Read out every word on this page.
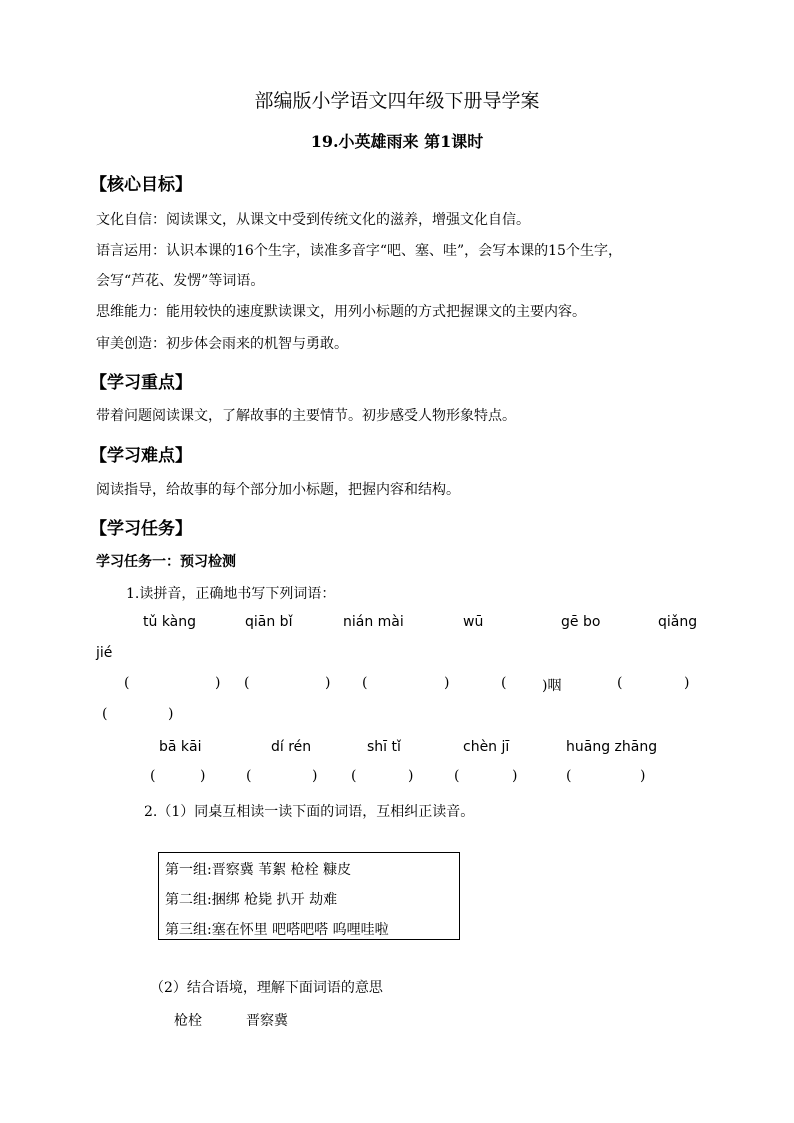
部编版小学语文四年级下册导学案
19.小英雄雨来 第1课时
【核心目标】
文化自信：阅读课文，从课文中受到传统文化的滋养，增强文化自信。
语言运用：认识本课的16个生字，读准多音字“吧、塞、哇”，会写本课的15个生字，
会写“芦花、发愣”等词语。
思维能力：能用较快的速度默读课文，用列小标题的方式把握课文的主要内容。
审美创造：初步体会雨来的机智与勇敢。
【学习重点】
带着问题阅读课文，了解故事的主要情节。初步感受人物形象特点。
【学习难点】
阅读指导，给故事的每个部分加小标题，把握内容和结构。
【学习任务】
学习任务一：预习检测
1.读拼音，正确地书写下列词语：
tǔ kàng	qiān bǐ	nián mài	wū	gē bo	qiǎng
jié
(	) (	) (	)	(	)咽	(	)
(	)
bā kāi	dí rén	shī tǐ	chèn jī	huāng zhāng
(	)	(	) (	)	(	)	(	)
2.（1）同桌互相读一读下面的词语，互相纠正读音。
第一组:晋察冀 苇絮 枪栓 糠皮
第二组:捆绑 枪毙 扒开 劫难
第三组:塞在怀里 吧嗒吧嗒 呜哩哇啦
（2）结合语境，理解下面词语的意思
枪栓	晋察冀
